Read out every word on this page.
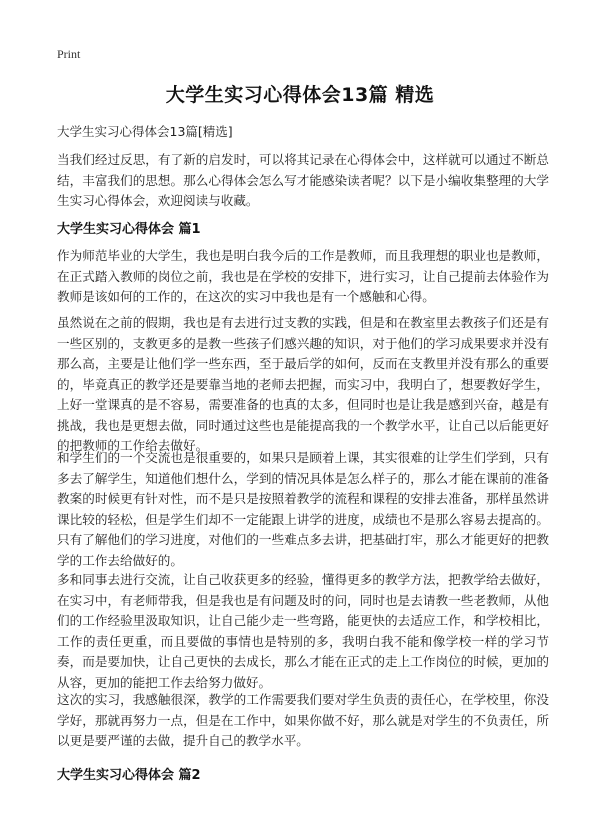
Print
大学生实习心得体会13篇 精选
大学生实习心得体会13篇[精选]
当我们经过反思，有了新的启发时，可以将其记录在心得体会中，这样就可以通过不断总结，丰富我们的思想。那么心得体会怎么写才能感染读者呢？以下是小编收集整理的大学生实习心得体会，欢迎阅读与收藏。
大学生实习心得体会 篇1
作为师范毕业的大学生，我也是明白我今后的工作是教师，而且我理想的职业也是教师，在正式踏入教师的岗位之前，我也是在学校的安排下，进行实习，让自己提前去体验作为教师是该如何的工作的，在这次的实习中我也是有一个感触和心得。
虽然说在之前的假期，我也是有去进行过支教的实践，但是和在教室里去教孩子们还是有一些区别的，支教更多的是教一些孩子们感兴趣的知识，对于他们的学习成果要求并没有那么高，主要是让他们学一些东西，至于最后学的如何，反而在支教里并没有那么的重要的，毕竟真正的教学还是要靠当地的老师去把握，而实习中，我明白了，想要教好学生，上好一堂课真的是不容易，需要准备的也真的太多，但同时也是让我是感到兴奋，越是有挑战，我也是更想去做，同时通过这些也是能提高我的一个教学水平，让自己以后能更好的把教师的工作给去做好。
和学生们的一个交流也是很重要的，如果只是顾着上课，其实很难的让学生们学到，只有多去了解学生，知道他们想什么，学到的情况具体是怎么样子的，那么才能在课前的准备教案的时候更有针对性，而不是只是按照着教学的流程和课程的安排去准备，那样虽然讲课比较的轻松，但是学生们却不一定能跟上讲学的进度，成绩也不是那么容易去提高的。只有了解他们的学习进度，对他们的一些难点多去讲，把基础打牢，那么才能更好的把教学的工作去给做好的。
多和同事去进行交流，让自己收获更多的经验，懂得更多的教学方法，把教学给去做好，在实习中，有老师带我，但是我也是有问题及时的问，同时也是去请教一些老教师，从他们的工作经验里汲取知识，让自己能少走一些弯路，能更快的去适应工作，和学校相比，工作的责任更重，而且要做的事情也是特别的多，我明白我不能和像学校一样的学习节奏，而是要加快，让自己更快的去成长，那么才能在正式的走上工作岗位的时候，更加的从容，更加的能把工作去给努力做好。
这次的实习，我感触很深，教学的工作需要我们要对学生负责的责任心，在学校里，你没学好，那就再努力一点，但是在工作中，如果你做不好，那么就是对学生的不负责任，所以更是要严谨的去做，提升自己的教学水平。
大学生实习心得体会 篇2
